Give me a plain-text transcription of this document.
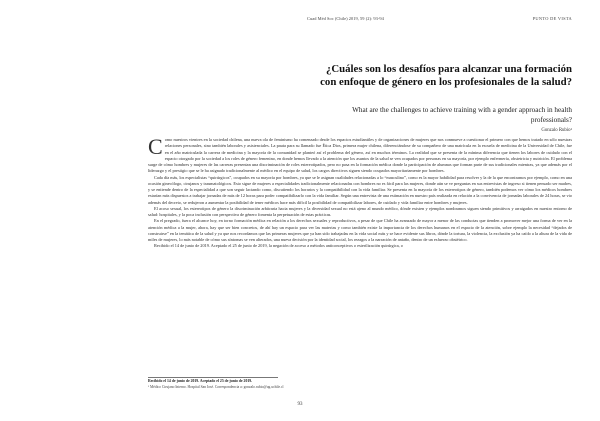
Cuad Méd Soc (Chile) 2019, 59 (2): 93-94	PUNTO DE VISTA
¿Cuáles son los desafíos para alcanzar una formación con enfoque de género en los profesionales de la salud?
What are the challenges to achieve training with a gender approach in health professionals?
Gonzalo Rubio¹

Como nuestros vientres en la sociedad chilena, una nueva ola de feminismo ha comenzado desde los espacios estudiantiles y de organizaciones de mujeres que nos conmueve a cuestionar el primero con que hemos tratado en sólo nuestras relaciones personales, sino también laborales y asistenciales. La pauta para su llamado fue Ética Dios, primera mujer chilena, diferenciándose de su compañero de una matrícula en la escuela de medicina de la Universidad de Chile, fue en el año matriculada la carrera de medicina y la mayoría de la comunidad se planteó así el problema del género, así en muchos términos. La realidad que se presenta de la mínima diferencia que tienen los labores de cuidado con el espacio otorgado por la sociedad a los roles de género femenino, en donde hemos llevado a la atención que los asuntos de la salud se ven ocupados por personas en su mayoría, por ejemplo enfermería, obstetricia y nutrición. El problema surge de cómo hombres y mujeres de las carreras presentan una discriminación de roles estereotipados, pero no pasa en la formación médica donde la participación de alumnas que forman parte de sus tradicionales mientras, ya que además por el liderazgo y el prestigio que se le ha asignado tradicionalmente al médico en el equipo de salud, los cargos directivos siguen siendo ocupados mayoritariamente por hombres.

Cada día más, los especialistas “quirúrgicos”, ocupados en su mayoría por hombres, ya que se le asignan cualidades relacionadas a lo “masculino”, como es la mayor habilidad para resolver y la de la que encontramos por ejemplo, como en una ocasión ginecólogo, cirujanos y traumatológicos. Esto sigue de mujeres a especialidades tradicionalmente relacionadas con hombres no es fácil para las mujeres, donde aún se ve preguntas en sus entrevistas de ingreso si tienen pensado ser madres, y se entiende dentro de la especialidad a que son seguir lactando como, discutiendo los horarios y la compatibilidad con la vida familiar. Se presenta en la mayoría de los estereotipos de género, también podemos ver cómo los médicos hombres estarían más dispuestos a trabajar jornadas de más de 12 horas para poder compatibilizarlo con la vida familiar. Según una entrevista de una estimación en nuestro país realizada en relación a la convivencia de jornadas laborales de 24 horas, se vio además del decreto, se redujeron a aumentar la posibilidad de tener médicos hace más difícil la posibilidad de compatibilizar labores, de cuidado y vida familiar entre hombres y mujeres.

El acoso sexual, los estereotipos de género la discriminación arbitraria hacia mujeres y la diversidad sexual no está ajeno al mundo médico, dónde existen y ejemplos nombramos siguen siendo primitivos y arraigados en nuestro entorno de salud: hospitales, y la poca inclusión con perspectiva de género fomenta la perpetuación de estas prácticas.

En el pregrado, fuera el alcance hoy, en torno formación médica en relación a los derechos sexuales y reproductivos, a pesar de que Chile ha avanzado de mayor a menor de las conductas que tienden a promover mejor una forma de ver en la atención médica a la mujer, ahora, hay que ser bien concretos, de ahí hay un espacio para ver las materias y como también existe la importancia de los derechos humanos en el espacio de la atención, sobre ejemplo la necesidad “dejados de construirse” en la temática de la salud y ya que nos recordamos que las primeras mujeres que ya han sido trabajadas en la vida social más y se hace evidente sus libros, dónde la tortura, la violencia, la exclusión ya ha caído a la altura de la vida de miles de mujeres, lo más notable de cómo sus síntomas se ven alterados, una nueva decisión por la identidad social, los rezagos a la narración de antaño, dentro de un esfuerzo obstétrico.

Recibido el 14 de junio de 2019. Aceptado el 25 de junio de 2019, la negación de acceso a métodos anticonceptivos o esterilización quirúrgica, o

Recibido el 14 de junio de 2019. Aceptado el 25 de junio de 2019.
¹ Médico Cirujano Interno. Hospital San José. Correspondencia a: gonzalo.rubio@ug.uchile.cl
93
